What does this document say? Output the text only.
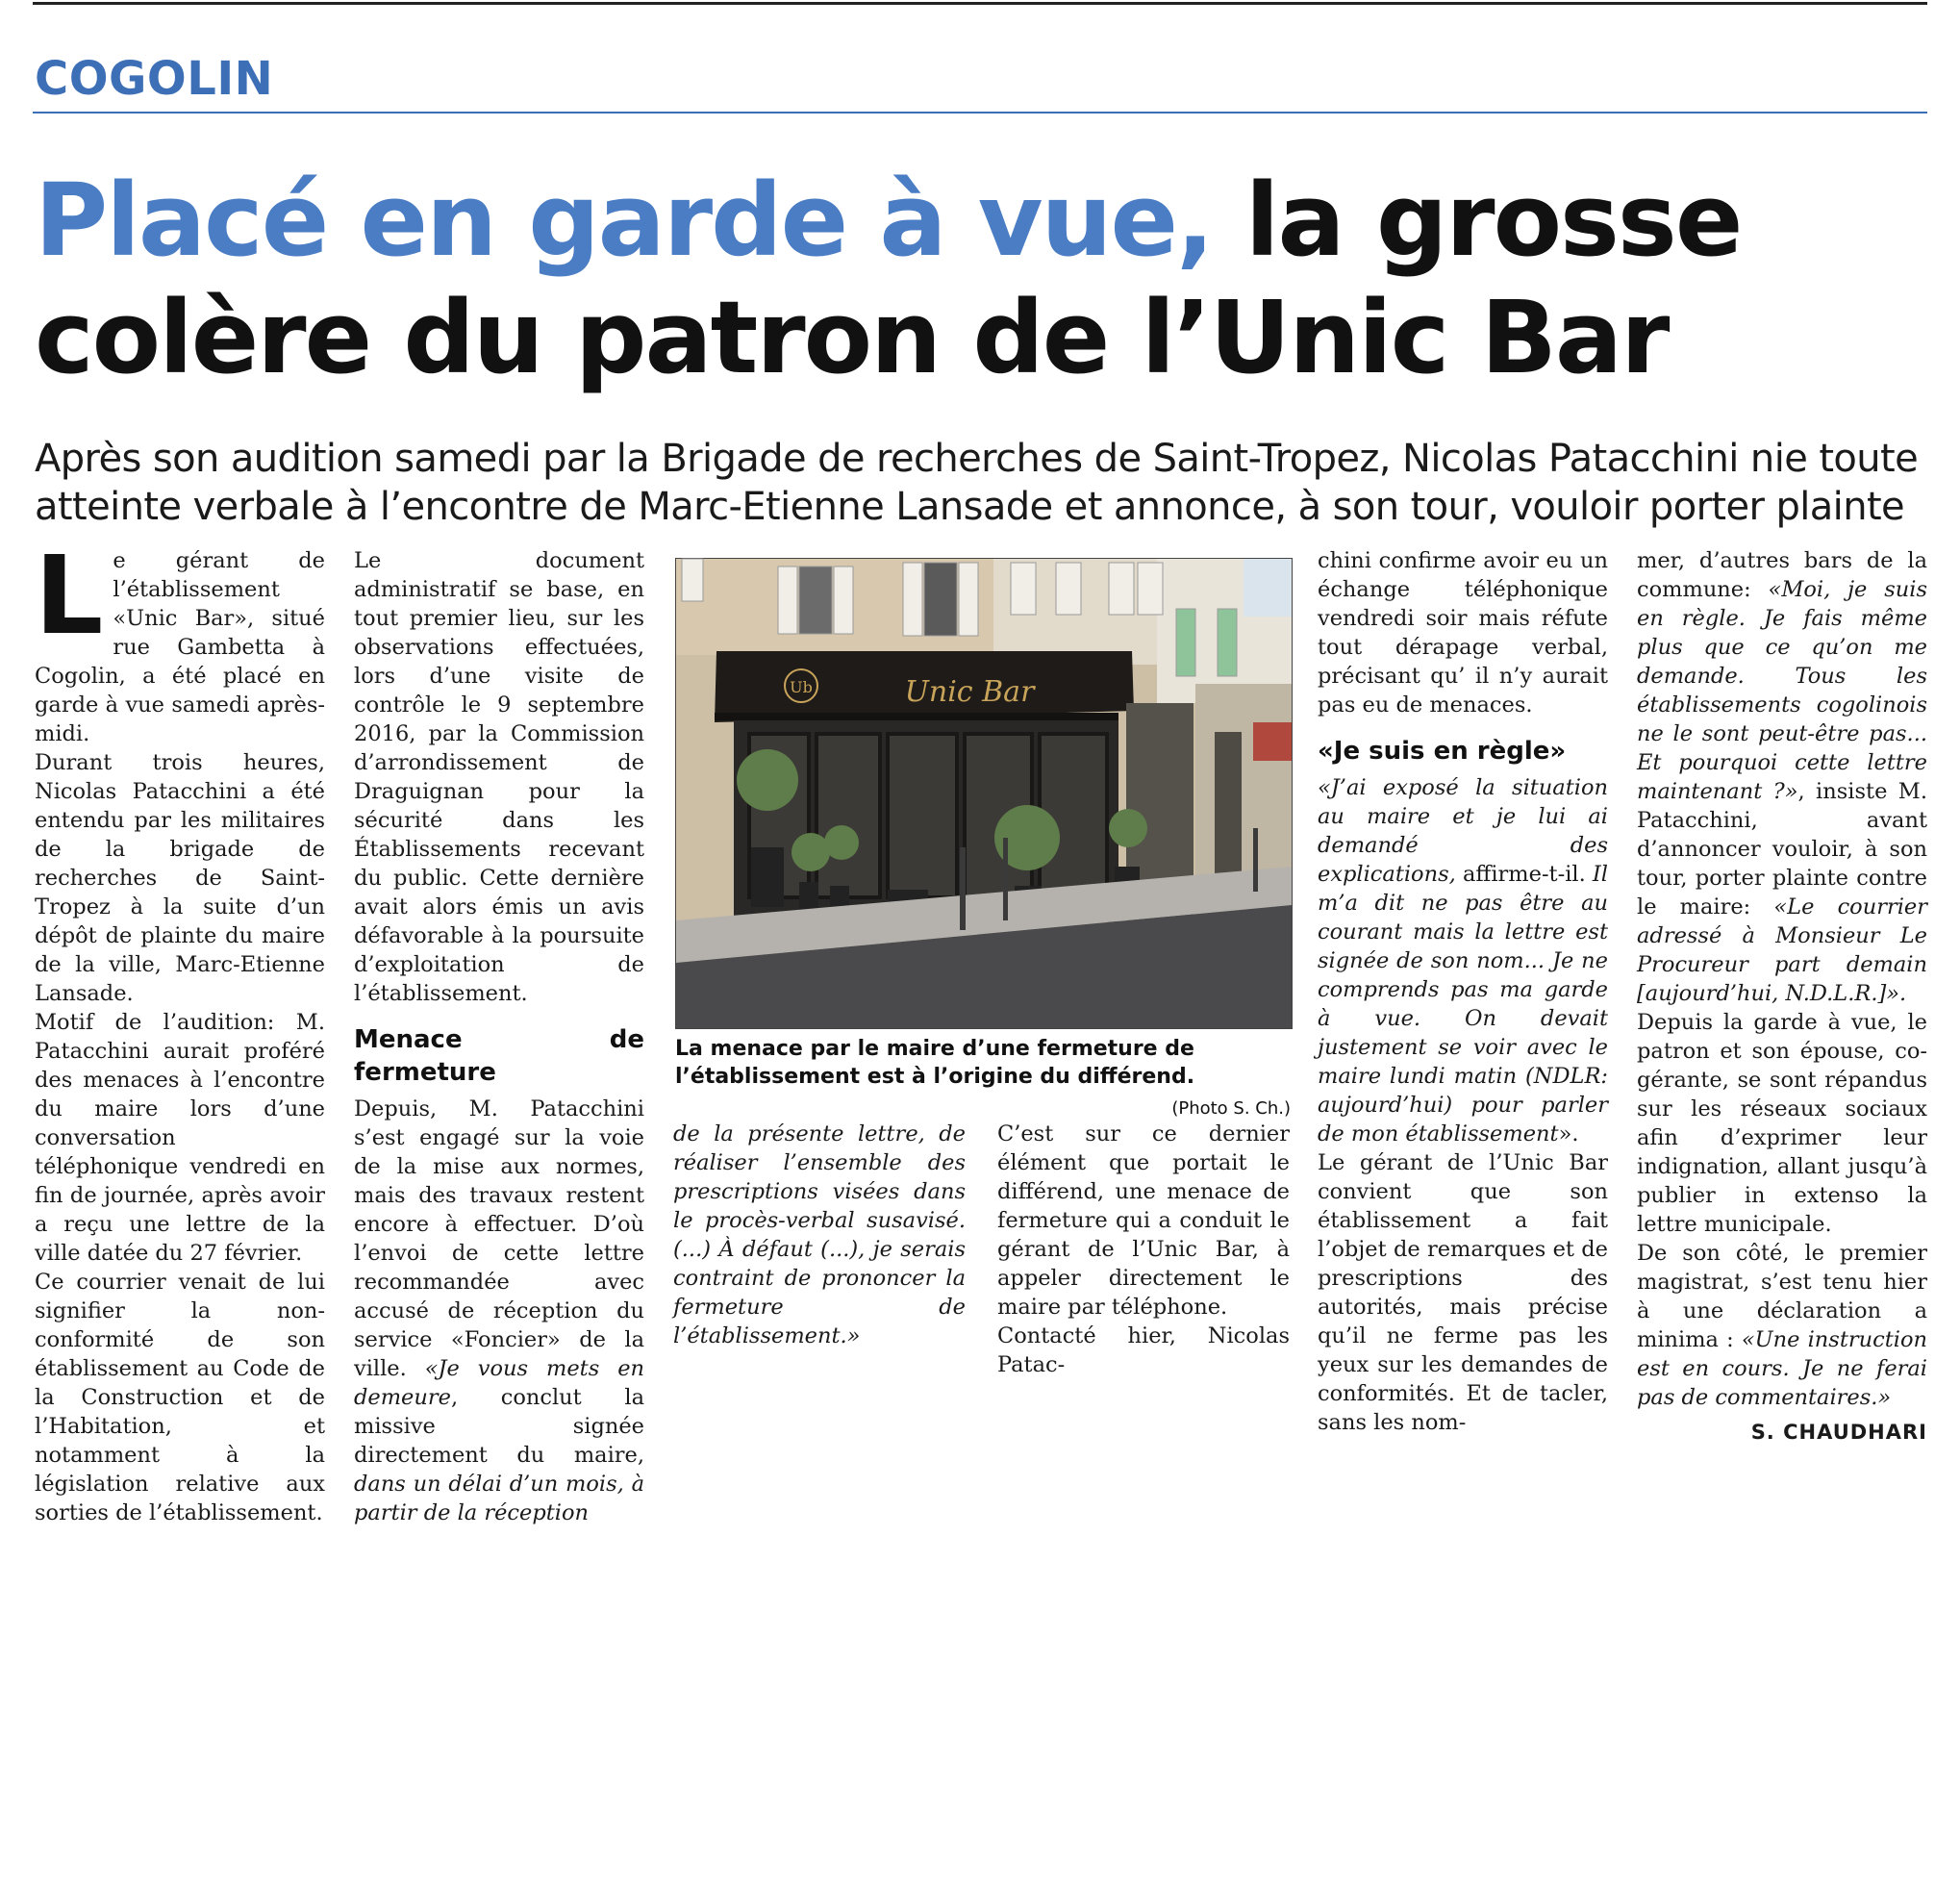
COGOLIN
Placé en garde à vue, la grosse colère du patron de l’Unic Bar

Après son audition samedi par la Brigade de recherches de Saint-Tropez, Nicolas Patacchini nie toute atteinte verbale à l’encontre de Marc-Etienne Lansade et annonce, à son tour, vouloir porter plainte

Le gérant de l’établissement «Unic Bar», situé rue Gambetta à Cogolin, a été placé en garde à vue samedi après-midi.

Durant trois heures, Nicolas Patacchini a été entendu par les militaires de la brigade de recherches de Saint-Tropez à la suite d’un dépôt de plainte du maire de la ville, Marc-Etienne Lansade.

Motif de l’audition: M. Patacchini aurait proféré des menaces à l’encontre du maire lors d’une conversation téléphonique vendredi en fin de journée, après avoir a reçu une lettre de la ville datée du 27 février.

Ce courrier venait de lui signifier la non-conformité de son établissement au Code de la Construction et de l’Habitation, et notamment à la législation relative aux sorties de l’établissement.

Le document administratif se base, en tout premier lieu, sur les observations effectuées, lors d’une visite de contrôle le 9 septembre 2016, par la Commission d’arrondissement de Draguignan pour la sécurité dans les Établissements recevant du public. Cette dernière avait alors émis un avis défavorable à la poursuite d’exploitation de l’établissement.

Menace de fermeture

Depuis, M. Patacchini s’est engagé sur la voie de la mise aux normes, mais des travaux restent encore à effectuer. D’où l’envoi de cette lettre recommandée avec accusé de réception du service «Foncier» de la ville. «Je vous mets en demeure, conclut la missive signée directement du maire, dans un délai d’un mois, à partir de la réception

Unic Bar
Ub
La menace par le maire d’une fermeture de l’établissement est à l’origine du différend.
(Photo S. Ch.)

de la présente lettre, de réaliser l’ensemble des prescriptions visées dans le procès-verbal susavisé. (...) À défaut (...), je serais contraint de prononcer la fermeture de l’établissement.»

C’est sur ce dernier élément que portait le différend, une menace de fermeture qui a conduit le gérant de l’Unic Bar, à appeler directement le maire par téléphone.

Contacté hier, Nicolas Patac-

chini confirme avoir eu un échange téléphonique vendredi soir mais réfute tout dérapage verbal, précisant qu’ il n’y aurait pas eu de menaces.

«Je suis en règle»

«J’ai exposé la situation au maire et je lui ai demandé des explications, affirme-t-il. Il m’a dit ne pas être au courant mais la lettre est signée de son nom... Je ne comprends pas ma garde à vue. On devait justement se voir avec le maire lundi matin (NDLR: aujourd’hui) pour parler de mon établissement».

Le gérant de l’Unic Bar convient que son établissement a fait l’objet de remarques et de prescriptions des autorités, mais précise qu’il ne ferme pas les yeux sur les demandes de conformités. Et de tacler, sans les nom-

mer, d’autres bars de la commune: «Moi, je suis en règle. Je fais même plus que ce qu’on me demande. Tous les établissements cogolinois ne le sont peut-être pas... Et pourquoi cette lettre maintenant ?», insiste M. Patacchini, avant d’annoncer vouloir, à son tour, porter plainte contre le maire: «Le courrier adressé à Monsieur Le Procureur part demain [aujourd’hui, N.D.L.R.]».

Depuis la garde à vue, le patron et son épouse, co-gérante, se sont répandus sur les réseaux sociaux afin d’exprimer leur indignation, allant jusqu’à publier in extenso la lettre municipale.

De son côté, le premier magistrat, s’est tenu hier à une déclaration a minima : «Une instruction est en cours. Je ne ferai pas de commentaires.»

S. CHAUDHARI
